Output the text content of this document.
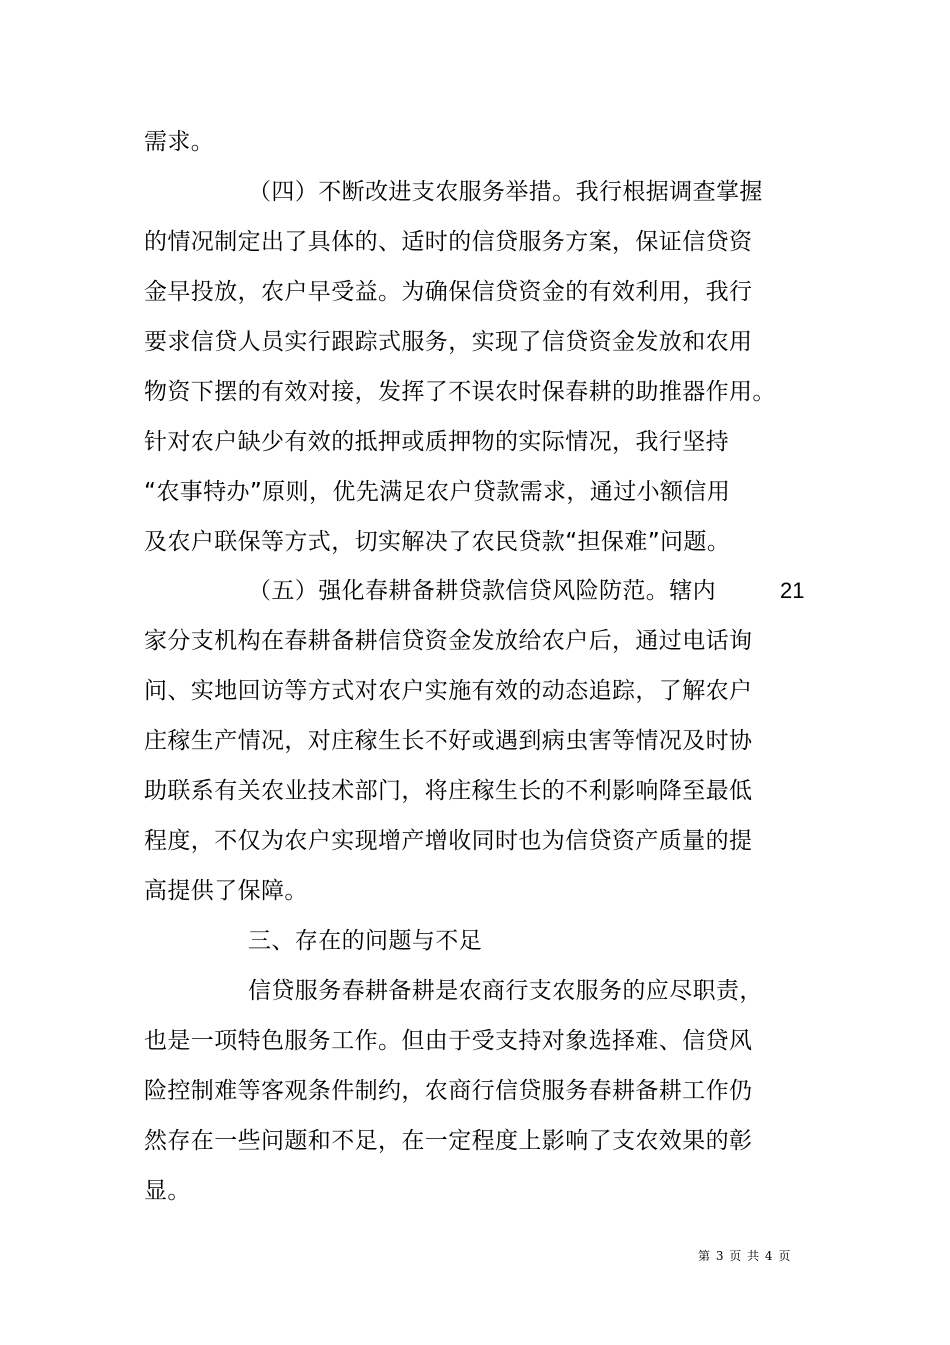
需求。
（四）不断改进支农服务举措。我行根据调查掌握
的情况制定出了具体的、适时的信贷服务方案，保证信贷资
金早投放，农户早受益。为确保信贷资金的有效利用，我行
要求信贷人员实行跟踪式服务，实现了信贷资金发放和农用
物资下摆的有效对接，发挥了不误农时保春耕的助推器作用。
针对农户缺少有效的抵押或质押物的实际情况，我行坚持
“农事特办”原则，优先满足农户贷款需求，通过小额信用
及农户联保等方式，切实解决了农民贷款“担保难”问题。
（五）强化春耕备耕贷款信贷风险防范。辖内
家分支机构在春耕备耕信贷资金发放给农户后，通过电话询
问、实地回访等方式对农户实施有效的动态追踪，了解农户
庄稼生产情况，对庄稼生长不好或遇到病虫害等情况及时协
助联系有关农业技术部门，将庄稼生长的不利影响降至最低
程度，不仅为农户实现增产增收同时也为信贷资产质量的提
高提供了保障。
三、存在的问题与不足
信贷服务春耕备耕是农商行支农服务的应尽职责，
也是一项特色服务工作。但由于受支持对象选择难、信贷风
险控制难等客观条件制约，农商行信贷服务春耕备耕工作仍
然存在一些问题和不足，在一定程度上影响了支农效果的彰
显。
21
第 3 页 共 4 页
